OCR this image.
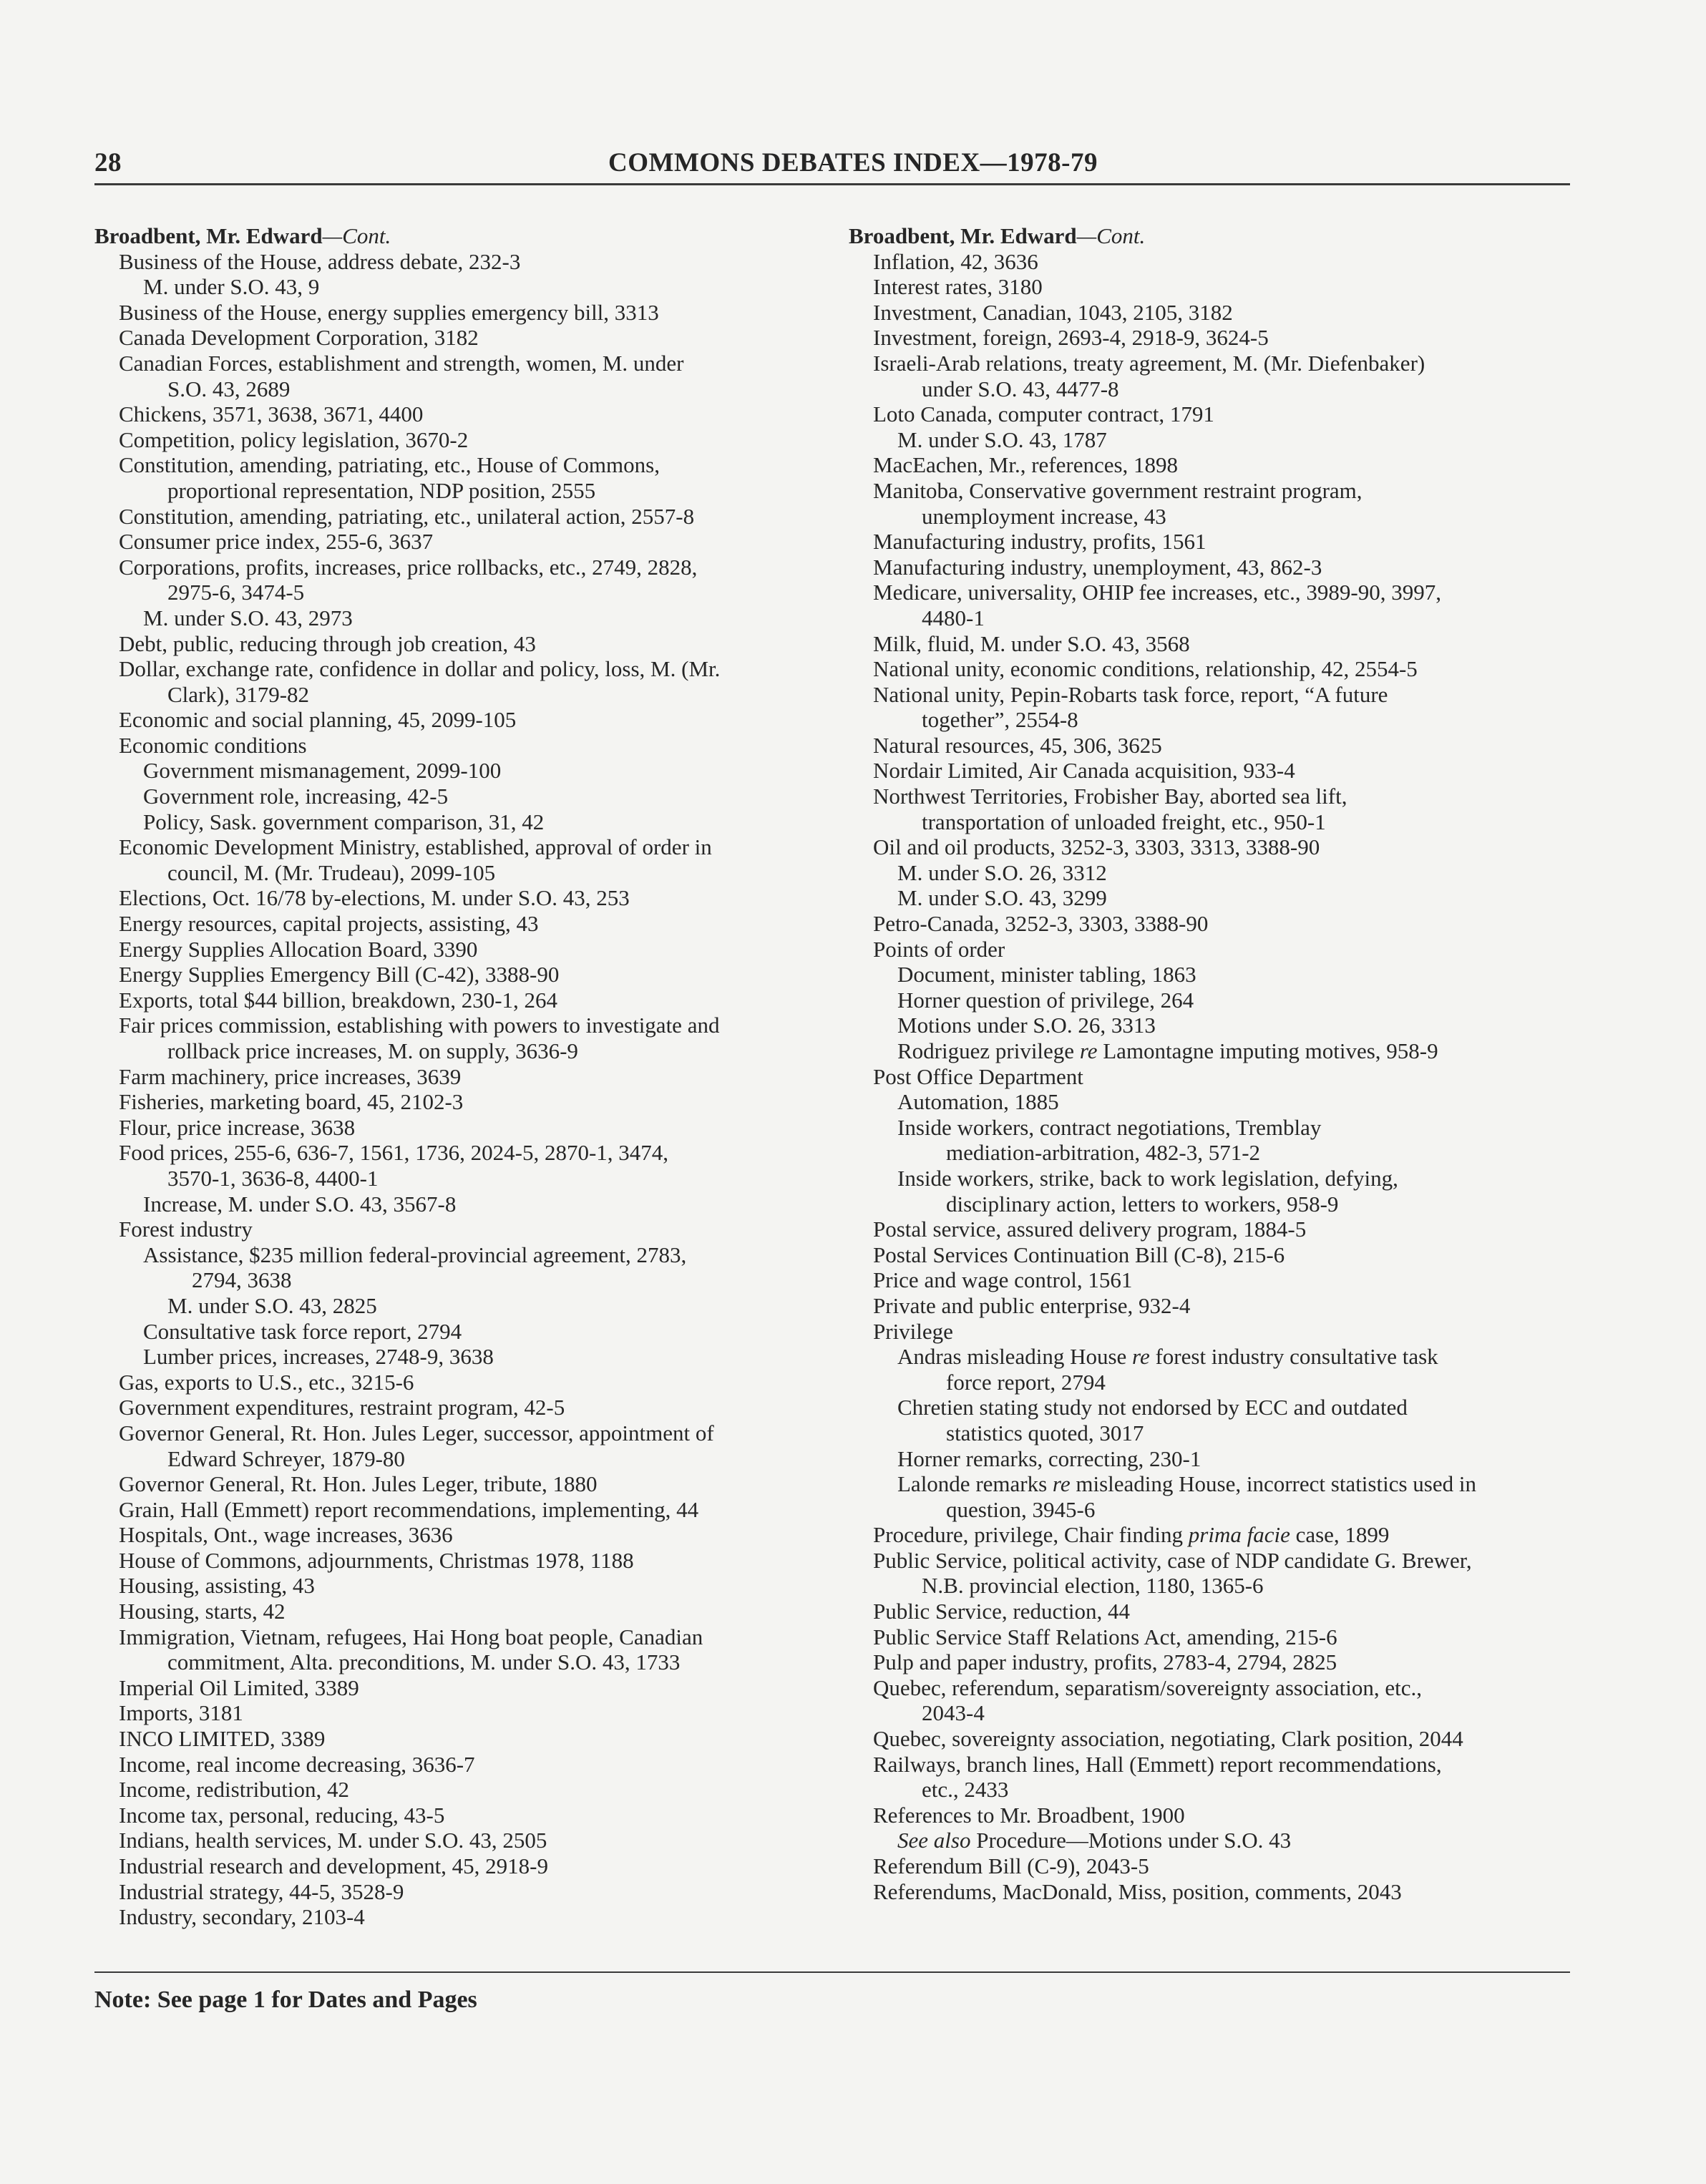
28	COMMONS DEBATES INDEX—1978-79

Broadbent, Mr. Edward—Cont.

Business of the House, address debate, 232-3

M. under S.O. 43, 9

Business of the House, energy supplies emergency bill, 3313

Canada Development Corporation, 3182

Canadian Forces, establishment and strength, women, M. under

S.O. 43, 2689

Chickens, 3571, 3638, 3671, 4400

Competition, policy legislation, 3670-2

Constitution, amending, patriating, etc., House of Commons,

proportional representation, NDP position, 2555

Constitution, amending, patriating, etc., unilateral action, 2557-8

Consumer price index, 255-6, 3637

Corporations, profits, increases, price rollbacks, etc., 2749, 2828,

2975-6, 3474-5

M. under S.O. 43, 2973

Debt, public, reducing through job creation, 43

Dollar, exchange rate, confidence in dollar and policy, loss, M. (Mr.

Clark), 3179-82

Economic and social planning, 45, 2099-105

Economic conditions

Government mismanagement, 2099-100

Government role, increasing, 42-5

Policy, Sask. government comparison, 31, 42

Economic Development Ministry, established, approval of order in

council, M. (Mr. Trudeau), 2099-105

Elections, Oct. 16/78 by-elections, M. under S.O. 43, 253

Energy resources, capital projects, assisting, 43

Energy Supplies Allocation Board, 3390

Energy Supplies Emergency Bill (C-42), 3388-90

Exports, total $44 billion, breakdown, 230-1, 264

Fair prices commission, establishing with powers to investigate and

rollback price increases, M. on supply, 3636-9

Farm machinery, price increases, 3639

Fisheries, marketing board, 45, 2102-3

Flour, price increase, 3638

Food prices, 255-6, 636-7, 1561, 1736, 2024-5, 2870-1, 3474,

3570-1, 3636-8, 4400-1

Increase, M. under S.O. 43, 3567-8

Forest industry

Assistance, $235 million federal-provincial agreement, 2783,

2794, 3638

M. under S.O. 43, 2825

Consultative task force report, 2794

Lumber prices, increases, 2748-9, 3638

Gas, exports to U.S., etc., 3215-6

Government expenditures, restraint program, 42-5

Governor General, Rt. Hon. Jules Leger, successor, appointment of

Edward Schreyer, 1879-80

Governor General, Rt. Hon. Jules Leger, tribute, 1880

Grain, Hall (Emmett) report recommendations, implementing, 44

Hospitals, Ont., wage increases, 3636

House of Commons, adjournments, Christmas 1978, 1188

Housing, assisting, 43

Housing, starts, 42

Immigration, Vietnam, refugees, Hai Hong boat people, Canadian

commitment, Alta. preconditions, M. under S.O. 43, 1733

Imperial Oil Limited, 3389

Imports, 3181

INCO LIMITED, 3389

Income, real income decreasing, 3636-7

Income, redistribution, 42

Income tax, personal, reducing, 43-5

Indians, health services, M. under S.O. 43, 2505

Industrial research and development, 45, 2918-9

Industrial strategy, 44-5, 3528-9

Industry, secondary, 2103-4

Broadbent, Mr. Edward—Cont.

Inflation, 42, 3636

Interest rates, 3180

Investment, Canadian, 1043, 2105, 3182

Investment, foreign, 2693-4, 2918-9, 3624-5

Israeli-Arab relations, treaty agreement, M. (Mr. Diefenbaker)

under S.O. 43, 4477-8

Loto Canada, computer contract, 1791

M. under S.O. 43, 1787

MacEachen, Mr., references, 1898

Manitoba, Conservative government restraint program,

unemployment increase, 43

Manufacturing industry, profits, 1561

Manufacturing industry, unemployment, 43, 862-3

Medicare, universality, OHIP fee increases, etc., 3989-90, 3997,

4480-1

Milk, fluid, M. under S.O. 43, 3568

National unity, economic conditions, relationship, 42, 2554-5

National unity, Pepin-Robarts task force, report, “A future

together”, 2554-8

Natural resources, 45, 306, 3625

Nordair Limited, Air Canada acquisition, 933-4

Northwest Territories, Frobisher Bay, aborted sea lift,

transportation of unloaded freight, etc., 950-1

Oil and oil products, 3252-3, 3303, 3313, 3388-90

M. under S.O. 26, 3312

M. under S.O. 43, 3299

Petro-Canada, 3252-3, 3303, 3388-90

Points of order

Document, minister tabling, 1863

Horner question of privilege, 264

Motions under S.O. 26, 3313

Rodriguez privilege re Lamontagne imputing motives, 958-9

Post Office Department

Automation, 1885

Inside workers, contract negotiations, Tremblay

mediation-arbitration, 482-3, 571-2

Inside workers, strike, back to work legislation, defying,

disciplinary action, letters to workers, 958-9

Postal service, assured delivery program, 1884-5

Postal Services Continuation Bill (C-8), 215-6

Price and wage control, 1561

Private and public enterprise, 932-4

Privilege

Andras misleading House re forest industry consultative task

force report, 2794

Chretien stating study not endorsed by ECC and outdated

statistics quoted, 3017

Horner remarks, correcting, 230-1

Lalonde remarks re misleading House, incorrect statistics used in

question, 3945-6

Procedure, privilege, Chair finding prima facie case, 1899

Public Service, political activity, case of NDP candidate G. Brewer,

N.B. provincial election, 1180, 1365-6

Public Service, reduction, 44

Public Service Staff Relations Act, amending, 215-6

Pulp and paper industry, profits, 2783-4, 2794, 2825

Quebec, referendum, separatism/sovereignty association, etc.,

2043-4

Quebec, sovereignty association, negotiating, Clark position, 2044

Railways, branch lines, Hall (Emmett) report recommendations,

etc., 2433

References to Mr. Broadbent, 1900

See also Procedure—Motions under S.O. 43

Referendum Bill (C-9), 2043-5

Referendums, MacDonald, Miss, position, comments, 2043

Note: See page 1 for Dates and Pages
